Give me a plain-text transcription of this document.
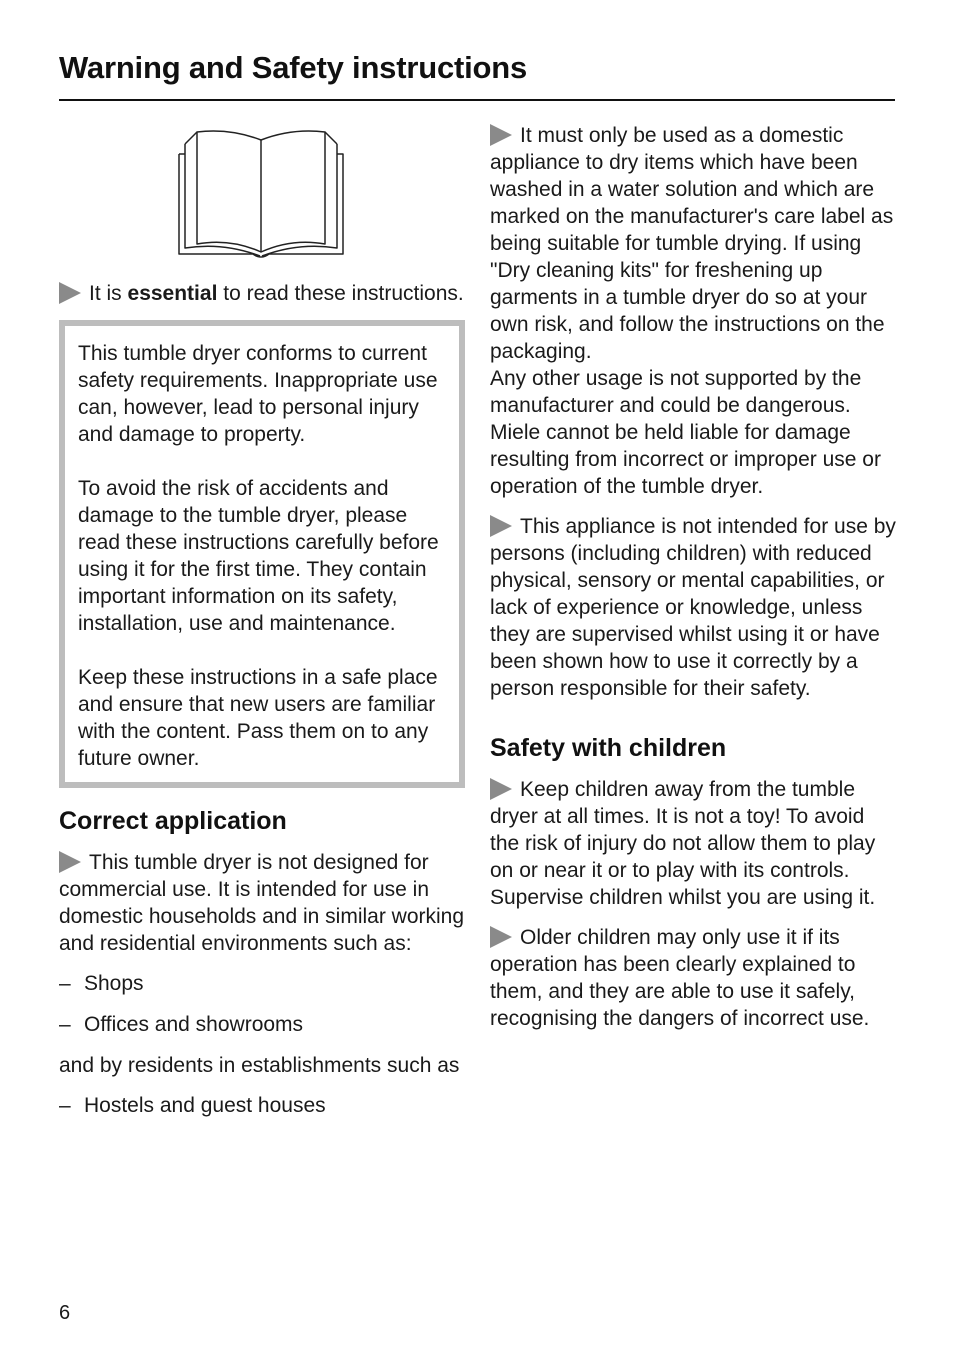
Warning and Safety instructions

It is essential to read these instructions.

This tumble dryer conforms to current safety requirements. Inappropriate use can, however, lead to personal injury and damage to property.

To avoid the risk of accidents and damage to the tumble dryer, please read these instructions carefully before using it for the first time. They contain important information on its safety, installation, use and maintenance.

Keep these instructions in a safe place and ensure that new users are familiar with the content. Pass them on to any future owner.

Correct application

This tumble dryer is not designed for commercial use. It is intended for use in domestic households and in similar working and residential environments such as:

– Shops
– Offices and showrooms

and by residents in establishments such as

– Hostels and guest houses

It must only be used as a domestic appliance to dry items which have been washed in a water solution and which are marked on the manufacturer's care label as being suitable for tumble drying. If using "Dry cleaning kits" for freshening up garments in a tumble dryer do so at your own risk, and follow the instructions on the packaging.

Any other usage is not supported by the manufacturer and could be dangerous. Miele cannot be held liable for damage resulting from incorrect or improper use or operation of the tumble dryer.

This appliance is not intended for use by persons (including children) with reduced physical, sensory or mental capabilities, or lack of experience or knowledge, unless they are supervised whilst using it or have been shown how to use it correctly by a person responsible for their safety.

Safety with children

Keep children away from the tumble dryer at all times. It is not a toy! To avoid the risk of injury do not allow them to play on or near it or to play with its controls. Supervise children whilst you are using it.

Older children may only use it if its operation has been clearly explained to them, and they are able to use it safely, recognising the dangers of incorrect use.

6
